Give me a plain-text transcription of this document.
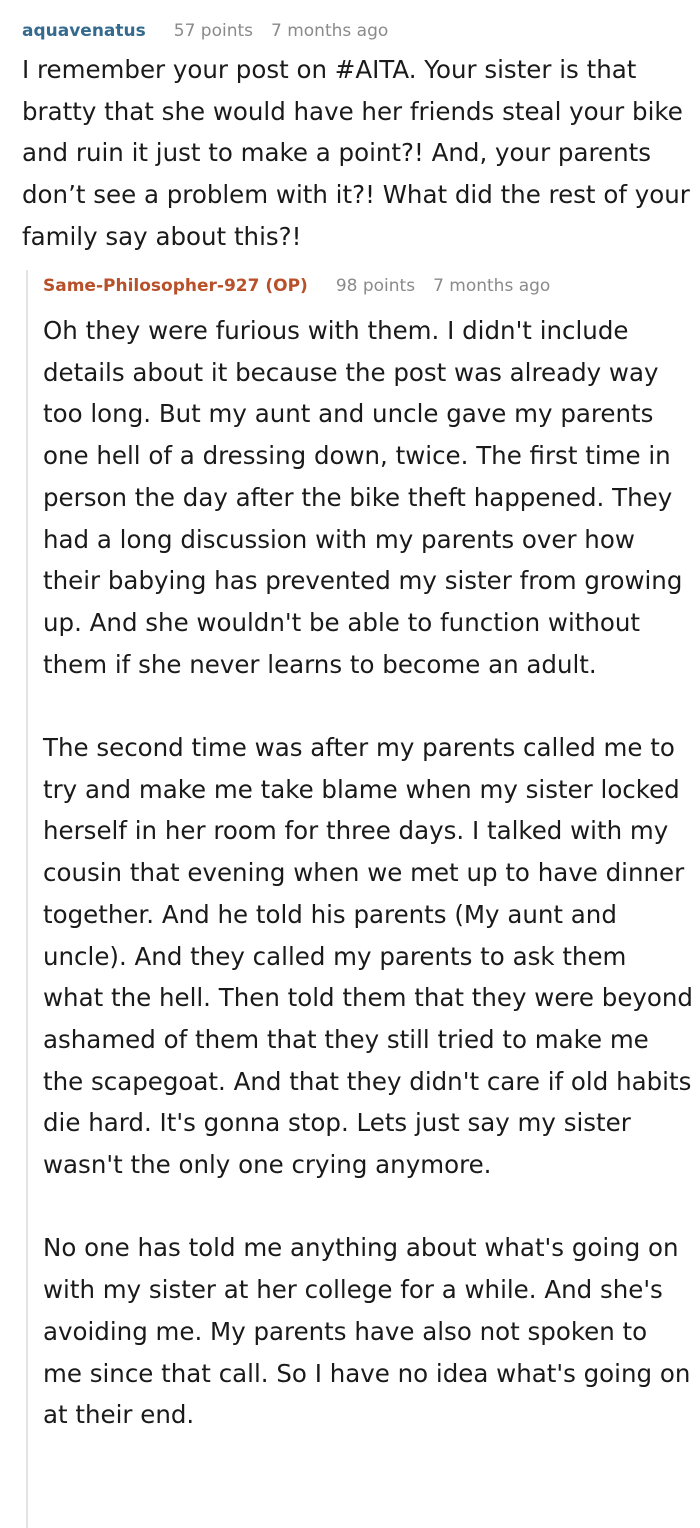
aquavenatus 57 points 7 months ago

I remember your post on #AITA. Your sister is that bratty that she would have her friends steal your bike and ruin it just to make a point?! And, your parents don’t see a problem with it?! What did the rest of your family say about this?!

Same-Philosopher-927 (OP) 98 points 7 months ago

Oh they were furious with them. I didn't include details about it because the post was already way too long. But my aunt and uncle gave my parents one hell of a dressing down, twice. The first time in person the day after the bike theft happened. They had a long discussion with my parents over how their babying has prevented my sister from growing up. And she wouldn't be able to function without them if she never learns to become an adult.

The second time was after my parents called me to try and make me take blame when my sister locked herself in her room for three days. I talked with my cousin that evening when we met up to have dinner together. And he told his parents (My aunt and uncle). And they called my parents to ask them what the hell. Then told them that they were beyond ashamed of them that they still tried to make me the scapegoat. And that they didn't care if old habits die hard. It's gonna stop. Lets just say my sister wasn't the only one crying anymore.

No one has told me anything about what's going on with my sister at her college for a while. And she's avoiding me. My parents have also not spoken to me since that call. So I have no idea what's going on at their end.
